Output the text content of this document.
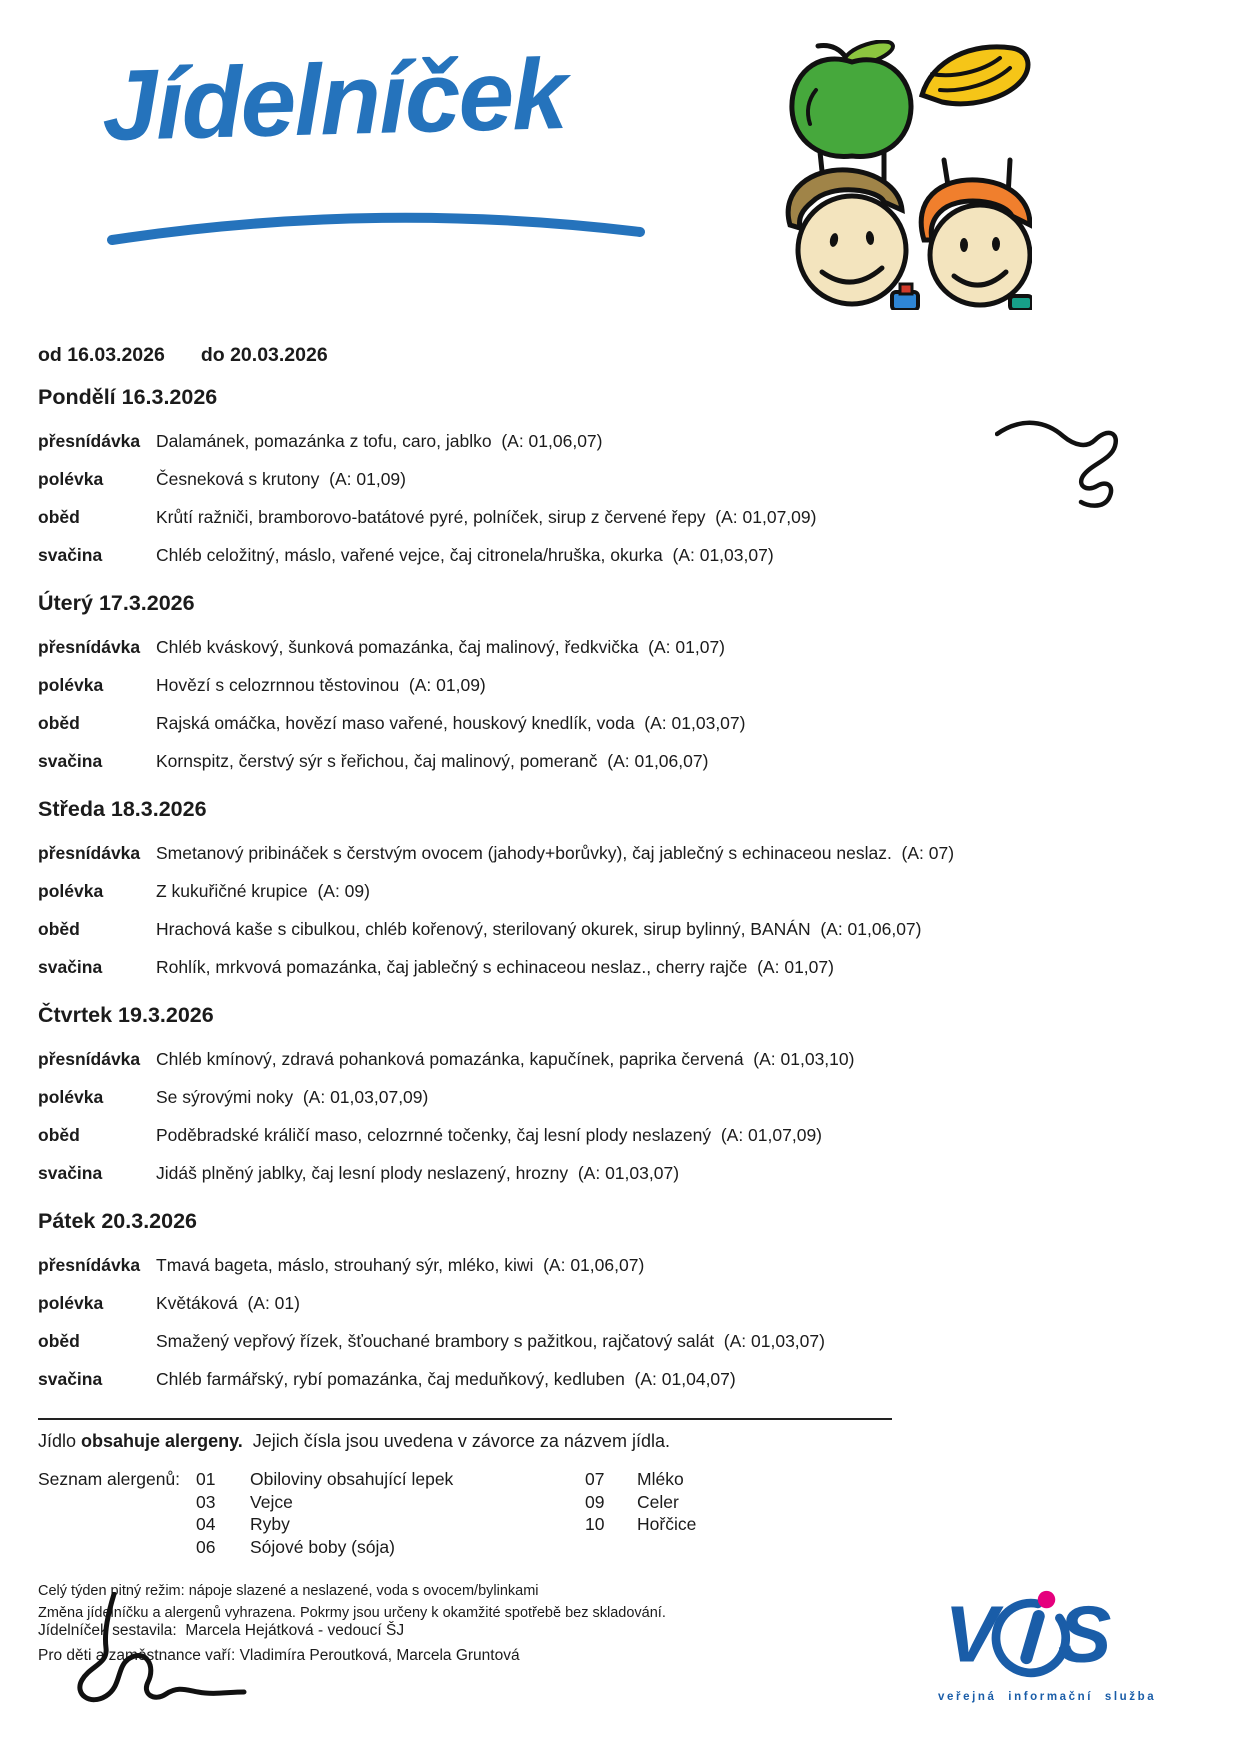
Jídelníček

od 16.03.2026 do 20.03.2026

Pondělí 16.3.2026
přesnídávka Dalamánek, pomazánka z tofu, caro, jablko  (A: 01,06,07)
polévka	Česneková s krutony  (A: 01,09)
oběd	Krůtí ražniči, bramborovo-batátové pyré, polníček, sirup z červené řepy  (A: 01,07,09)
svačina	Chléb celožitný, máslo, vařené vejce, čaj citronela/hruška, okurka  (A: 01,03,07)
Úterý 17.3.2026
přesnídávka Chléb kváskový, šunková pomazánka, čaj malinový, ředkvička  (A: 01,07)
polévka	Hovězí s celozrnnou těstovinou  (A: 01,09)
oběd	Rajská omáčka, hovězí maso vařené, houskový knedlík, voda  (A: 01,03,07)
svačina	Kornspitz, čerstvý sýr s řeřichou, čaj malinový, pomeranč  (A: 01,06,07)
Středa 18.3.2026
přesnídávka Smetanový pribináček s čerstvým ovocem (jahody+borůvky), čaj jablečný s echinaceou neslaz.  (A: 07)
polévka	Z kukuřičné krupice  (A: 09)
oběd	Hrachová kaše s cibulkou, chléb kořenový, sterilovaný okurek, sirup bylinný, BANÁN  (A: 01,06,07)
svačina	Rohlík, mrkvová pomazánka, čaj jablečný s echinaceou neslaz., cherry rajče  (A: 01,07)
Čtvrtek 19.3.2026
přesnídávka Chléb kmínový, zdravá pohanková pomazánka, kapučínek, paprika červená  (A: 01,03,10)
polévka	Se sýrovými noky  (A: 01,03,07,09)
oběd	Poděbradské králičí maso, celozrnné točenky, čaj lesní plody neslazený  (A: 01,07,09)
svačina	Jidáš plněný jablky, čaj lesní plody neslazený, hrozny  (A: 01,03,07)
Pátek 20.3.2026
přesnídávka Tmavá bageta, máslo, strouhaný sýr, mléko, kiwi  (A: 01,06,07)
polévka	Květáková  (A: 01)
oběd	Smažený vepřový řízek, šťouchané brambory s pažitkou, rajčatový salát  (A: 01,03,07)
svačina	Chléb farmářský, rybí pomazánka, čaj meduňkový, kedluben  (A: 01,04,07)

Jídlo obsahuje alergeny.  Jejich čísla jsou uvedena v závorce za názvem jídla.

Seznam alergenů: 01	Obiloviny obsahující lepek
03	Vejce
04	Ryby
06	Sójové boby (sója)
07	Mléko
09	Celer
10	Hořčice

Celý týden pitný režim: nápoje slazené a neslazené, voda s ovocem/bylinkami

Změna jídelníčku a alergenů vyhrazena. Pokrmy jsou určeny k okamžité spotřebě bez skladování.

Jídelníček sestavila:  Marcela Hejátková - vedoucí ŠJ

Pro děti a zaměstnance vaří: Vladimíra Peroutková, Marcela Gruntová	V S
veřejná informační služba
